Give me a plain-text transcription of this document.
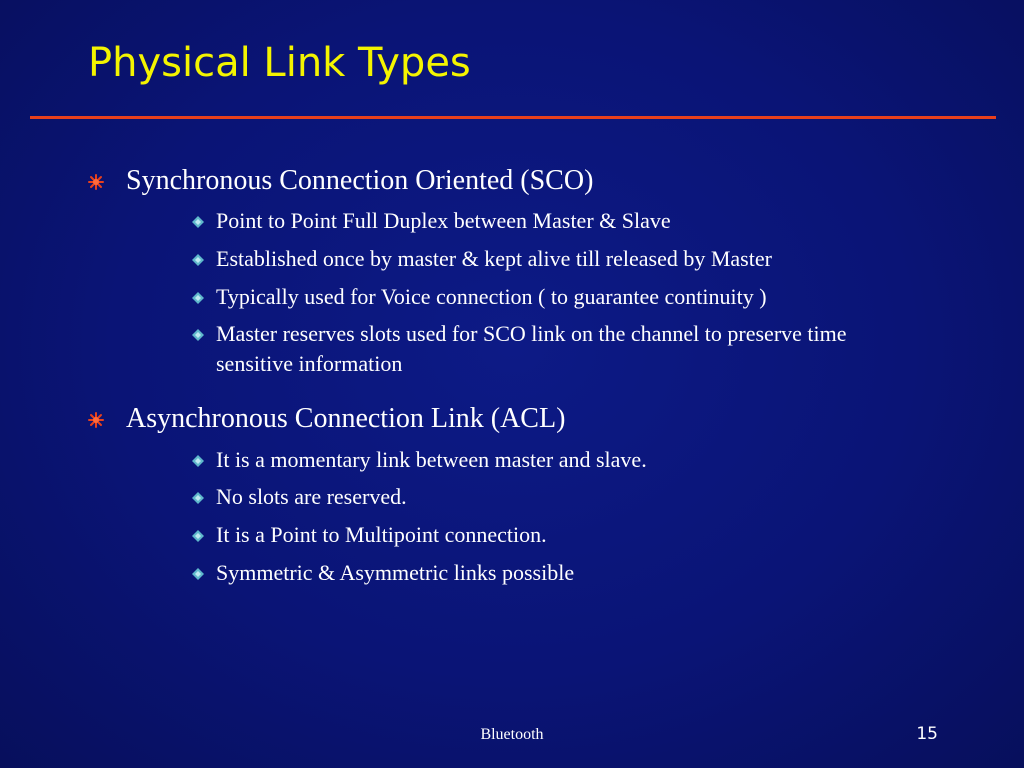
Physical Link Types
Synchronous Connection Oriented (SCO)
Point to Point Full Duplex between Master & Slave
Established once by master & kept alive till released by Master
Typically used for Voice connection ( to guarantee continuity )
Master reserves slots used for SCO link on the channel to preserve time sensitive information
Asynchronous Connection Link (ACL)
It is a momentary link between master and slave.
No slots are reserved.
It is a Point to Multipoint connection.
Symmetric & Asymmetric links possible
Bluetooth	15
